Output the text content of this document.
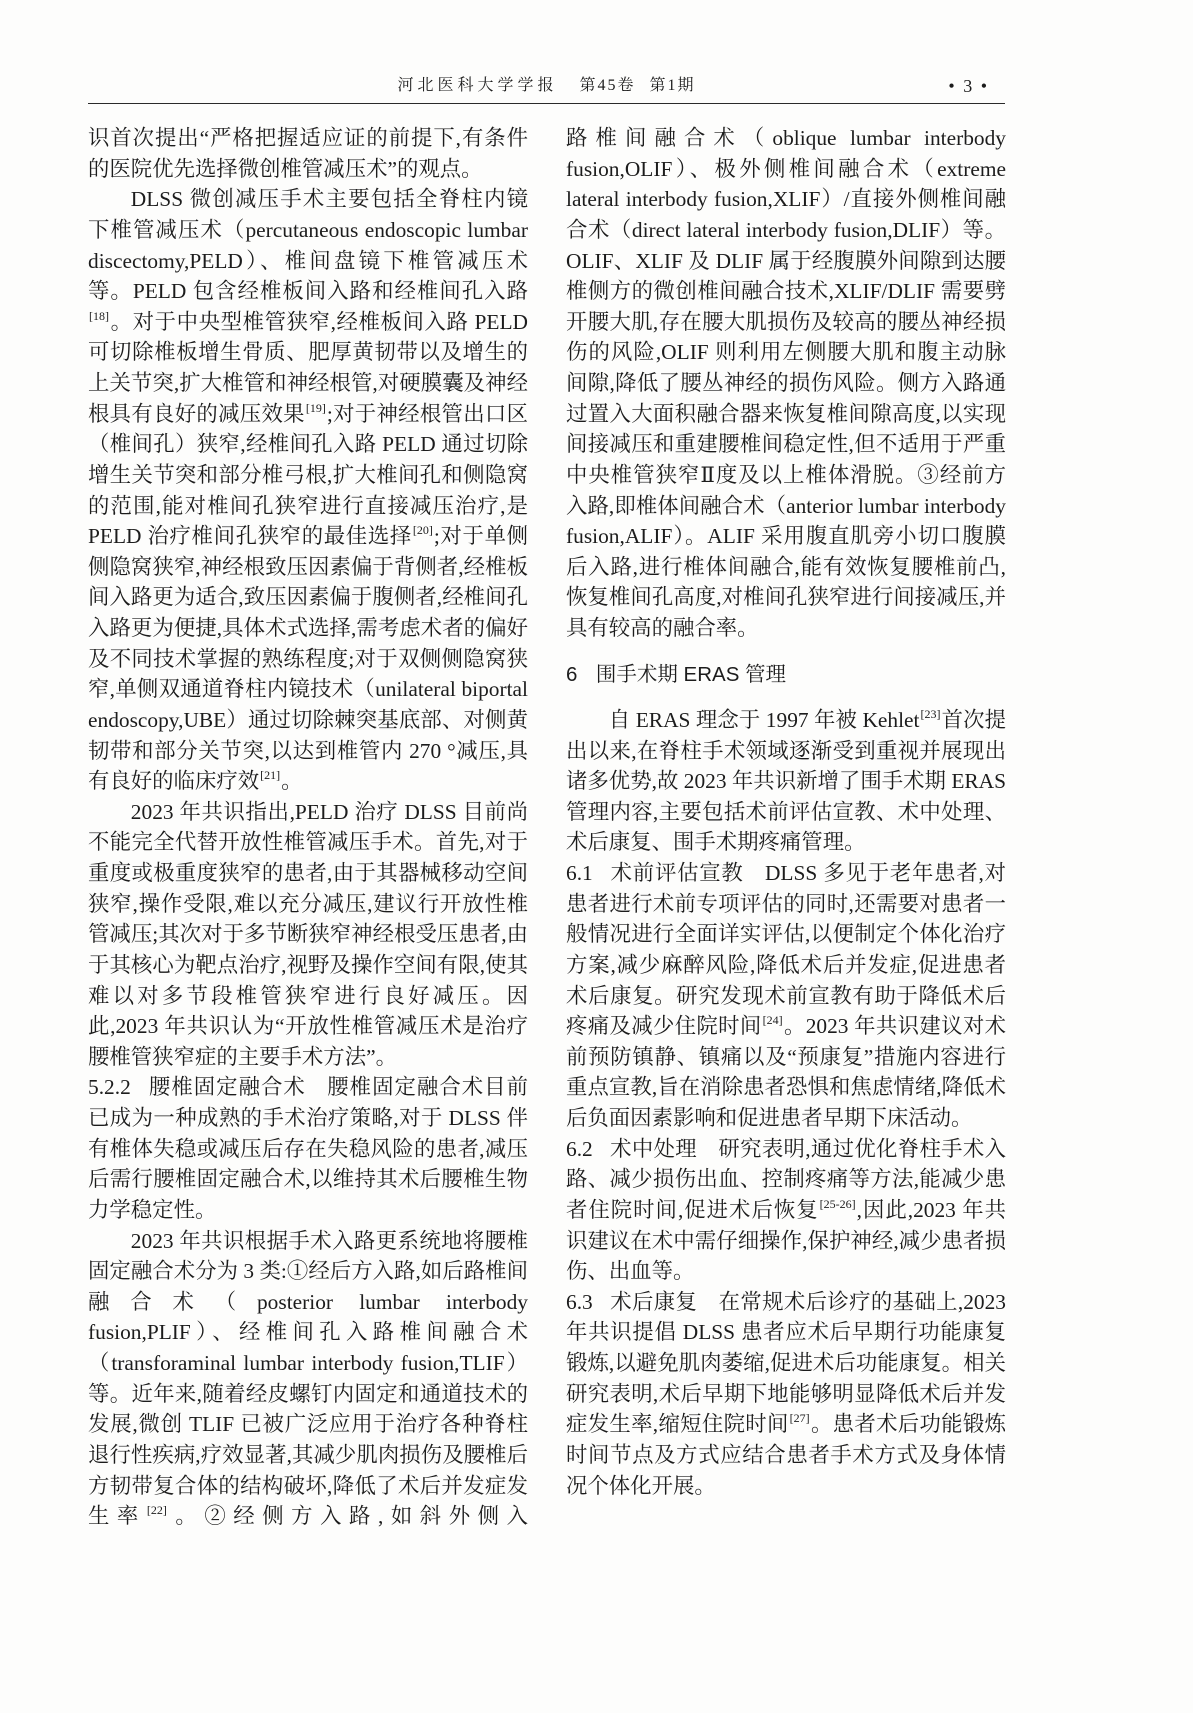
河北医科大学学报 第45卷 第1期	• 3 •

识首次提出“严格把握适应证的前提下,有条件的医院优先选择微创椎管减压术”的观点。

DLSS 微创减压手术主要包括全脊柱内镜下椎管减压术（percutaneous endoscopic lumbar discectomy,PELD）、椎间盘镜下椎管减压术等。PELD 包含经椎板间入路和经椎间孔入路[18]。对于中央型椎管狭窄,经椎板间入路 PELD 可切除椎板增生骨质、肥厚黄韧带以及增生的上关节突,扩大椎管和神经根管,对硬膜囊及神经根具有良好的减压效果[19];对于神经根管出口区（椎间孔）狭窄,经椎间孔入路 PELD 通过切除增生关节突和部分椎弓根,扩大椎间孔和侧隐窝的范围,能对椎间孔狭窄进行直接减压治疗,是 PELD 治疗椎间孔狭窄的最佳选择[20];对于单侧侧隐窝狭窄,神经根致压因素偏于背侧者,经椎板间入路更为适合,致压因素偏于腹侧者,经椎间孔入路更为便捷,具体术式选择,需考虑术者的偏好及不同技术掌握的熟练程度;对于双侧侧隐窝狭窄,单侧双通道脊柱内镜技术（unilateral biportal endoscopy,UBE）通过切除棘突基底部、对侧黄韧带和部分关节突,以达到椎管内 270 °减压,具有良好的临床疗效[21]。

2023 年共识指出,PELD 治疗 DLSS 目前尚不能完全代替开放性椎管减压手术。首先,对于重度或极重度狭窄的患者,由于其器械移动空间狭窄,操作受限,难以充分减压,建议行开放性椎管减压;其次对于多节断狭窄神经根受压患者,由于其核心为靶点治疗,视野及操作空间有限,使其难以对多节段椎管狭窄进行良好减压。因此,2023 年共识认为“开放性椎管减压术是治疗腰椎管狭窄症的主要手术方法”。

5.2.2 腰椎固定融合术 腰椎固定融合术目前已成为一种成熟的手术治疗策略,对于 DLSS 伴有椎体失稳或减压后存在失稳风险的患者,减压后需行腰椎固定融合术,以维持其术后腰椎生物力学稳定性。

2023 年共识根据手术入路更系统地将腰椎固定融合术分为 3 类:①经后方入路,如后路椎间融合术（posterior lumbar interbody fusion,PLIF）、经椎间孔入路椎间融合术（transforaminal lumbar interbody fusion,TLIF）等。近年来,随着经皮螺钉内固定和通道技术的发展,微创 TLIF 已被广泛应用于治疗各种脊柱退行性疾病,疗效显著,其减少肌肉损伤及腰椎后方韧带复合体的结构破坏,降低了术后并发症发生率[22]。②经侧方入路,如斜外侧入

路椎间融合术（oblique lumbar interbody fusion,OLIF）、极外侧椎间融合术（extreme lateral interbody fusion,XLIF）/直接外侧椎间融合术（direct lateral interbody fusion,DLIF）等。OLIF、XLIF 及 DLIF 属于经腹膜外间隙到达腰椎侧方的微创椎间融合技术,XLIF/DLIF 需要劈开腰大肌,存在腰大肌损伤及较高的腰丛神经损伤的风险,OLIF 则利用左侧腰大肌和腹主动脉间隙,降低了腰丛神经的损伤风险。侧方入路通过置入大面积融合器来恢复椎间隙高度,以实现间接减压和重建腰椎间稳定性,但不适用于严重中央椎管狭窄Ⅱ度及以上椎体滑脱。③经前方入路,即椎体间融合术（anterior lumbar interbody fusion,ALIF）。ALIF 采用腹直肌旁小切口腹膜后入路,进行椎体间融合,能有效恢复腰椎前凸,恢复椎间孔高度,对椎间孔狭窄进行间接减压,并具有较高的融合率。

6 围手术期 ERAS 管理

自 ERAS 理念于 1997 年被 Kehlet[23]首次提出以来,在脊柱手术领域逐渐受到重视并展现出诸多优势,故 2023 年共识新增了围手术期 ERAS 管理内容,主要包括术前评估宣教、术中处理、术后康复、围手术期疼痛管理。

6.1 术前评估宣教 DLSS 多见于老年患者,对患者进行术前专项评估的同时,还需要对患者一般情况进行全面详实评估,以便制定个体化治疗方案,减少麻醉风险,降低术后并发症,促进患者术后康复。研究发现术前宣教有助于降低术后疼痛及减少住院时间[24]。2023 年共识建议对术前预防镇静、镇痛以及“预康复”措施内容进行重点宣教,旨在消除患者恐惧和焦虑情绪,降低术后负面因素影响和促进患者早期下床活动。

6.2 术中处理 研究表明,通过优化脊柱手术入路、减少损伤出血、控制疼痛等方法,能减少患者住院时间,促进术后恢复[25-26],因此,2023 年共识建议在术中需仔细操作,保护神经,减少患者损伤、出血等。

6.3 术后康复 在常规术后诊疗的基础上,2023 年共识提倡 DLSS 患者应术后早期行功能康复锻炼,以避免肌肉萎缩,促进术后功能康复。相关研究表明,术后早期下地能够明显降低术后并发症发生率,缩短住院时间[27]。患者术后功能锻炼时间节点及方式应结合患者手术方式及身体情况个体化开展。
